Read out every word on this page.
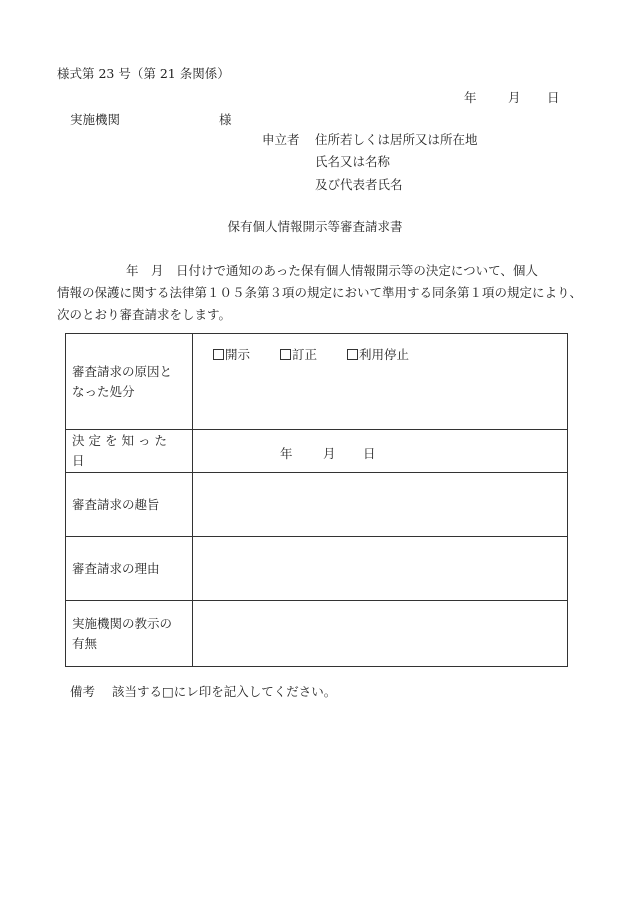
様式第 23 号（第 21 条関係）
年	月 日
実施機関	様
申立者 住所若しくは居所又は所在地
氏名又は名称
及び代表者氏名
保有個人情報開示等審査請求書
年　月　日付けで通知のあった保有個人情報開示等の決定について、個人
情報の保護に関する法律第１０５条第３項の規定において準用する同条第１項の規定により、
次のとおり審査請求をします。
審査請求の原因と
なった処分	開示 訂正 利用停止

決定を知った日	年 月 日

審査請求の趣旨	
審査請求の理由	

実施機関の教示の
有無	

備考 該当する□にレ印を記入してください。
